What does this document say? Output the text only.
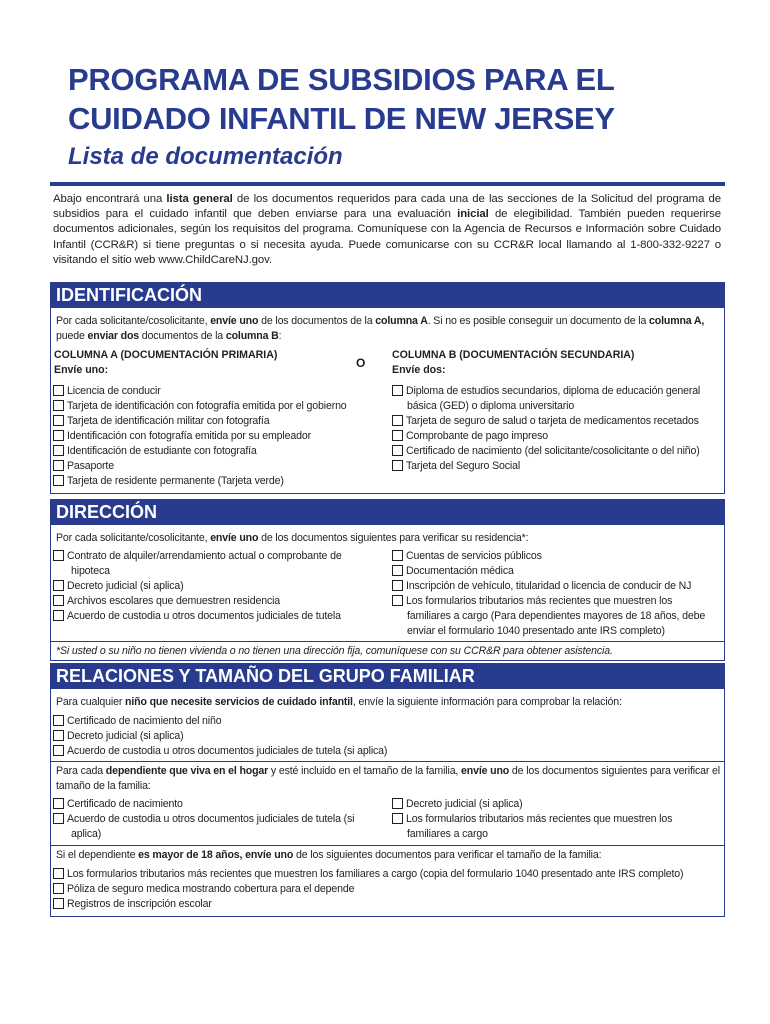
PROGRAMA DE SUBSIDIOS PARA EL
CUIDADO INFANTIL DE NEW JERSEY
Lista de documentación
Abajo encontrará una lista general de los documentos requeridos para cada una de las secciones de la Solicitud del programa de subsidios para el cuidado infantil que deben enviarse para una evaluación inicial de elegibilidad. También pueden requerirse documentos adicionales, según los requisitos del programa. Comuníquese con la Agencia de Recursos e Información sobre Cuidado Infantil (CCR&R) si tiene preguntas o si necesita ayuda. Puede comunicarse con su CCR&R local llamando al 1-800-332-9227 o visitando el sitio web www.ChildCareNJ.gov.
IDENTIFICACIÓN
Por cada solicitante/cosolicitante, envíe uno de los documentos de la columna A. Si no es posible conseguir un documento de la columna A,
puede enviar dos documentos de la columna B:
COLUMNA A (DOCUMENTACIÓN PRIMARIA)
Envíe uno:
COLUMNA B (DOCUMENTACIÓN SECUNDARIA)
Envíe dos:
O
Licencia de conducir
Tarjeta de identificación con fotografía emitida por el gobierno
Tarjeta de identificación militar con fotografía
Identificación con fotografía emitida por su empleador
Identificación de estudiante con fotografía
Pasaporte
Tarjeta de residente permanente (Tarjeta verde)
Diploma de estudios secundarios, diploma de educación general
básica (GED) o diploma universitario
Tarjeta de seguro de salud o tarjeta de medicamentos recetados
Comprobante de pago impreso
Certificado de nacimiento (del solicitante/cosolicitante o del niño)
Tarjeta del Seguro Social
DIRECCIÓN
Por cada solicitante/cosolicitante, envíe uno de los documentos siguientes para verificar su residencia*:
Contrato de alquiler/arrendamiento actual o comprobante de
hipoteca
Decreto judicial (si aplica)
Archivos escolares que demuestren residencia
Acuerdo de custodia u otros documentos judiciales de tutela
Cuentas de servicios públicos
Documentación médica
Inscripción de vehículo, titularidad o licencia de conducir de NJ
Los formularios tributarios más recientes que muestren los
familiares a cargo (Para dependientes mayores de 18 años, debe
enviar el formulario 1040 presentado ante IRS completo)
*Si usted o su niño no tienen vivienda o no tienen una dirección fija, comuníquese con su CCR&R para obtener asistencia.
RELACIONES Y TAMAÑO DEL GRUPO FAMILIAR
Para cualquier niño que necesite servicios de cuidado infantil, envíe la siguiente información para comprobar la relación:
Certificado de nacimiento del niño
Decreto judicial (si aplica)
Acuerdo de custodia u otros documentos judiciales de tutela (si aplica)
Para cada dependiente que viva en el hogar y esté incluido en el tamaño de la familia, envíe uno de los documentos siguientes para verificar el tamaño de la familia:
Certificado de nacimiento
Acuerdo de custodia u otros documentos judiciales de tutela (si
aplica)
Decreto judicial (si aplica)
Los formularios tributarios más recientes que muestren los
familiares a cargo
Si el dependiente es mayor de 18 años, envíe uno de los siguientes documentos para verificar el tamaño de la familia:
Los formularios tributarios más recientes que muestren los familiares a cargo (copia del formulario 1040 presentado ante IRS completo)
Póliza de seguro medica mostrando cobertura para el depende
Registros de inscripción escolar
